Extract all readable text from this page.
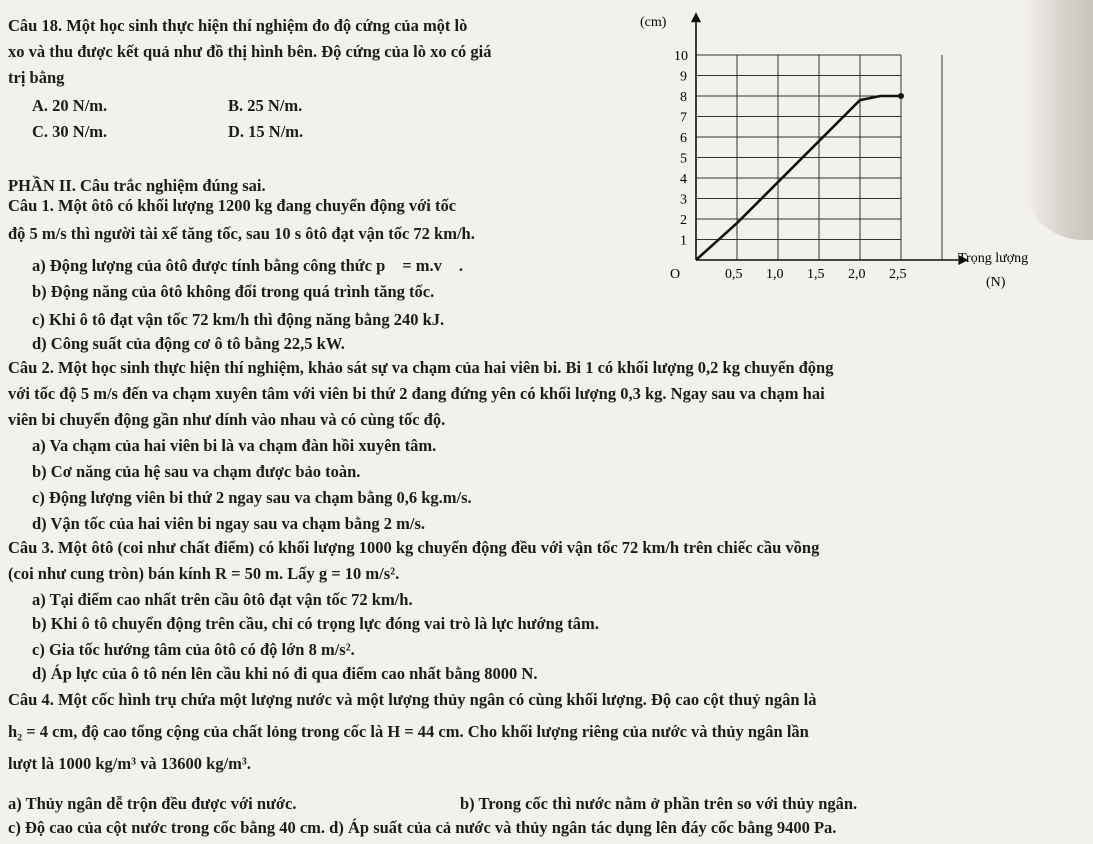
Câu 18. Một học sinh thực hiện thí nghiệm đo độ cứng của một lò
xo và thu được kết quả như đồ thị hình bên. Độ cứng của lò xo có giá
trị bằng
A. 20 N/m.	B. 25 N/m.
C. 30 N/m.	D. 15 N/m.
PHẦN II. Câu trắc nghiệm đúng sai.
Câu 1. Một ôtô có khối lượng 1200 kg đang chuyển động với tốc
độ 5 m/s thì người tài xế tăng tốc, sau 10 s ôtô đạt vận tốc 72 km/h.
a) Động lượng của ôtô được tính bằng công thức p⃗ = m.v⃗ .
b) Động năng của ôtô không đổi trong quá trình tăng tốc.
c) Khi ô tô đạt vận tốc 72 km/h thì động năng bằng 240 kJ.
d) Công suất của động cơ ô tô bằng 22,5 kW.
Câu 2. Một học sinh thực hiện thí nghiệm, khảo sát sự va chạm của hai viên bi. Bi 1 có khối lượng 0,2 kg chuyển động
với tốc độ 5 m/s đến va chạm xuyên tâm với viên bi thứ 2 đang đứng yên có khối lượng 0,3 kg. Ngay sau va chạm hai
viên bi chuyển động gần như dính vào nhau và có cùng tốc độ.
a) Va chạm của hai viên bi là va chạm đàn hồi xuyên tâm.
b) Cơ năng của hệ sau va chạm được bảo toàn.
c) Động lượng viên bi thứ 2 ngay sau va chạm bằng 0,6 kg.m/s.
d) Vận tốc của hai viên bi ngay sau va chạm bằng 2 m/s.
Câu 3. Một ôtô (coi như chất điểm) có khối lượng 1000 kg chuyển động đều với vận tốc 72 km/h trên chiếc cầu vồng
(coi như cung tròn) bán kính R = 50 m. Lấy g = 10 m/s².
a) Tại điểm cao nhất trên cầu ôtô đạt vận tốc 72 km/h.
b) Khi ô tô chuyển động trên cầu, chỉ có trọng lực đóng vai trò là lực hướng tâm.
c) Gia tốc hướng tâm của ôtô có độ lớn 8 m/s².
d) Áp lực của ô tô nén lên cầu khi nó đi qua điểm cao nhất bằng 8000 N.
Câu 4. Một cốc hình trụ chứa một lượng nước và một lượng thủy ngân có cùng khối lượng. Độ cao cột thuỷ ngân là
h₂ = 4 cm, độ cao tổng cộng của chất lỏng trong cốc là H = 44 cm. Cho khối lượng riêng của nước và thủy ngân lần
lượt là 1000 kg/m³ và 13600 kg/m³.
a) Thủy ngân dễ trộn đều được với nước.	b) Trong cốc thì nước nằm ở phần trên so với thủy ngân.
c) Độ cao của cột nước trong cốc bằng 40 cm. d) Áp suất của cả nước và thủy ngân tác dụng lên đáy cốc bằng 9400 Pa.
0,5 1,0 1,5 2,0 2,5
1
2
3
4
5
6
7
8
9
10
(cm)
Trọng lượng
(N)
O
